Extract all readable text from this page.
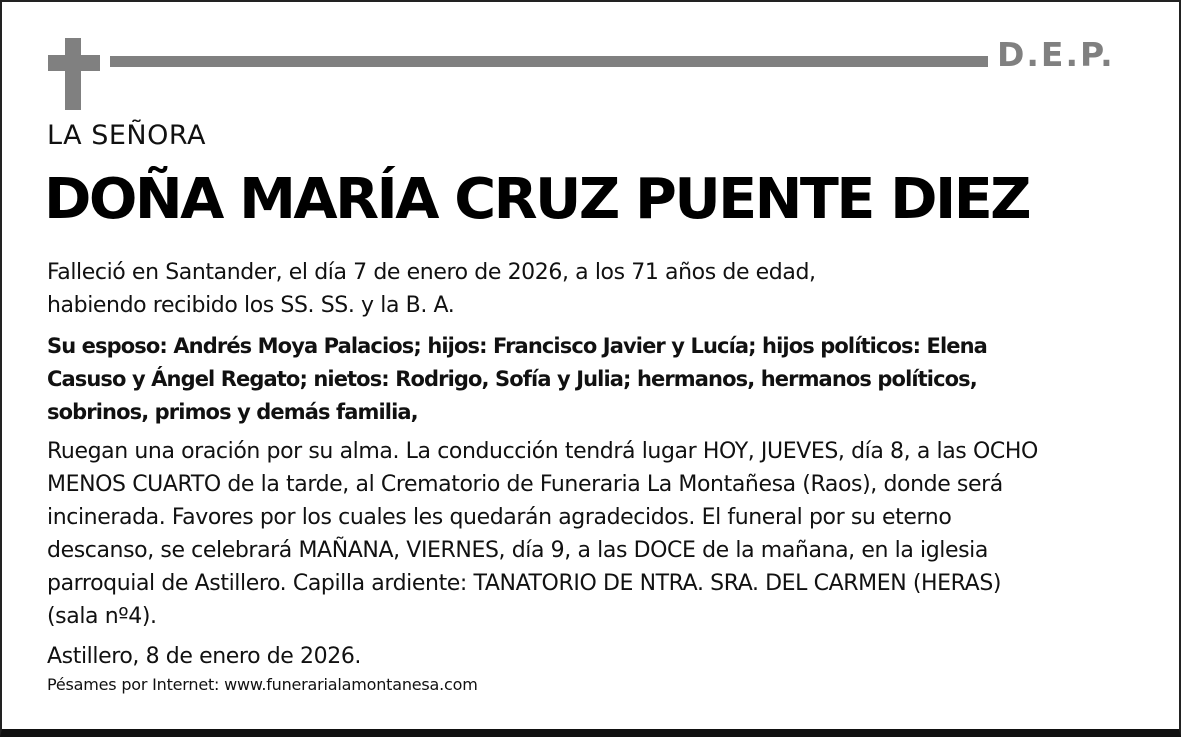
D.E.P.
LA SEÑORA
DOÑA MARÍA CRUZ PUENTE DIEZ
Falleció en Santander, el día 7 de enero de 2026, a los 71 años de edad,
habiendo recibido los SS. SS. y la B. A.
Su esposo: Andrés Moya Palacios; hijos: Francisco Javier y Lucía; hijos políticos: Elena
Casuso y Ángel Regato; nietos: Rodrigo, Sofía y Julia; hermanos, hermanos políticos,
sobrinos, primos y demás familia,
Ruegan una oración por su alma. La conducción tendrá lugar HOY, JUEVES, día 8, a las OCHO
MENOS CUARTO de la tarde, al Crematorio de Funeraria La Montañesa (Raos), donde será
incinerada. Favores por los cuales les quedarán agradecidos. El funeral por su eterno
descanso, se celebrará MAÑANA, VIERNES, día 9, a las DOCE de la mañana, en la iglesia
parroquial de Astillero. Capilla ardiente: TANATORIO DE NTRA. SRA. DEL CARMEN (HERAS)
(sala nº4).
Astillero, 8 de enero de 2026.
Pésames por Internet: www.funerarialamontanesa.com
